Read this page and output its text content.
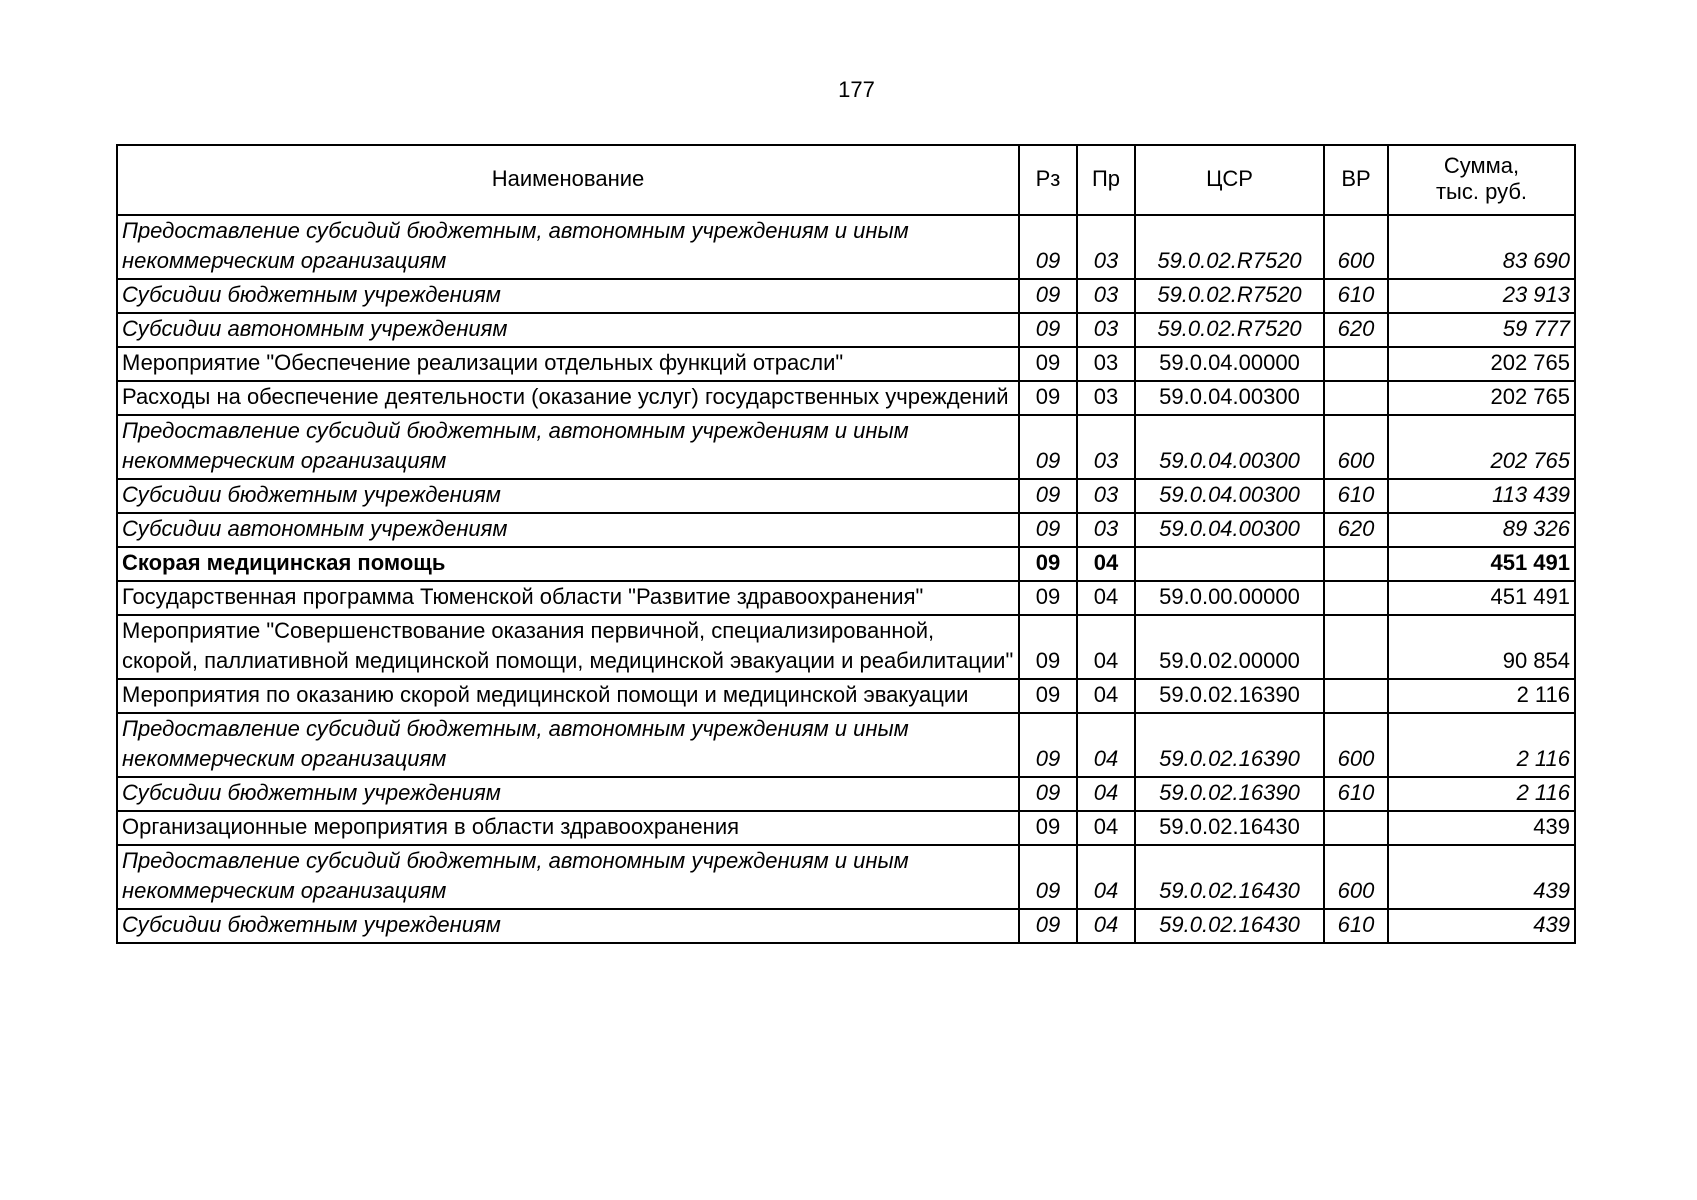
177
Наименование	Рз	Пр	ЦСР	ВР	Сумма,
тыс. руб.

Предоставление субсидий бюджетным, автономным учреждениям и иным некоммерческим организациям	09	03	59.0.02.R7520	600	83 690
Субсидии бюджетным учреждениям	09	03	59.0.02.R7520	610	23 913
Субсидии автономным учреждениям	09	03	59.0.02.R7520	620	59 777
Мероприятие "Обеспечение реализации отдельных функций отрасли"	09	03	59.0.04.00000		202 765
Расходы на обеспечение деятельности (оказание услуг) государственных учреждений	09	03	59.0.04.00300		202 765
Предоставление субсидий бюджетным, автономным учреждениям и иным некоммерческим организациям	09	03	59.0.04.00300	600	202 765
Субсидии бюджетным учреждениям	09	03	59.0.04.00300	610	113 439
Субсидии автономным учреждениям	09	03	59.0.04.00300	620	89 326
Скорая медицинская помощь	09	04			451 491
Государственная программа Тюменской области "Развитие здравоохранения"	09	04	59.0.00.00000		451 491
Мероприятие "Совершенствование оказания первичной, специализированной, скорой, паллиативной медицинской помощи, медицинской эвакуации и реабилитации"	09	04	59.0.02.00000		90 854
Мероприятия по оказанию скорой медицинской помощи и медицинской эвакуации	09	04	59.0.02.16390		2 116
Предоставление субсидий бюджетным, автономным учреждениям и иным некоммерческим организациям	09	04	59.0.02.16390	600	2 116
Субсидии бюджетным учреждениям	09	04	59.0.02.16390	610	2 116
Организационные мероприятия в области здравоохранения	09	04	59.0.02.16430		439
Предоставление субсидий бюджетным, автономным учреждениям и иным некоммерческим организациям	09	04	59.0.02.16430	600	439
Субсидии бюджетным учреждениям	09	04	59.0.02.16430	610	439
